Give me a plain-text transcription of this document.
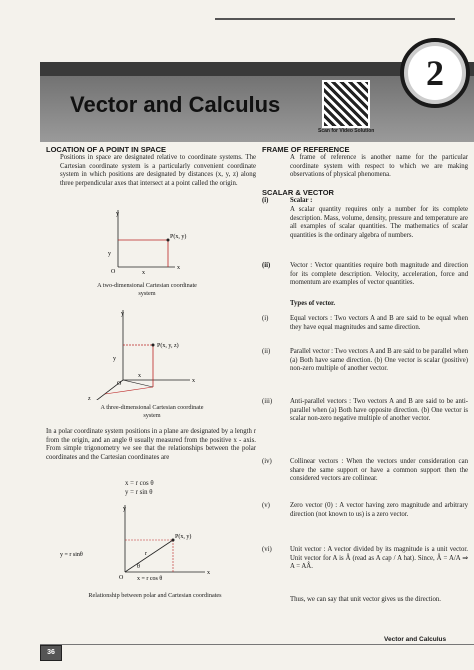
2
Vector and Calculus
Scan for Video Solution
LOCATION OF A POINT IN SPACE
Positions in space are designated relative to coordinate systems. The Cartesian coordinate system is a particularly convenient coordinate system in which positions are designated by distances (x, y, z) along three perpendicular axes that intersect at a point called the origin.
y
x
O
P(x, y)
y
x
A two-dimensional Cartesian coordinate system
y
x
z
P(x, y, z)
O
y
x
A three-dimensional Cartesian coordinate system
In a polar coordinate system positions in a plane are designated by a length r from the origin, and an angle θ usually measured from the positive x - axis. From simple trigonometry we see that the relationships between the polar coordinates and the Cartesian coordinates are
x = r cos θ
y = r sin θ
P(x, y)
y
x
O
y = r sinθ
x = r cos θ
r
θ
Relationship between polar and Cartesian coordinates
FRAME OF REFERENCE
A frame of reference is another name for the particular coordinate system with respect to which we are making observations of physical phenomena.
SCALAR & VECTOR
(i)	Scalar :
A scalar quantity requires only a number for its complete description. Mass, volume, density, pressure and temperature are all examples of scalar quantities. The mathematics of scalar quantities is the ordinary algebra of numbers.
(ii)	Vector : Vector quantities require both magnitude and direction for its complete description. Velocity, acceleration, force and momentum are examples of vector quantities.
Types of vector.
(i)	Equal vectors : Two vectors A and B are said to be equal when they have equal magnitudes and same direction.
(ii)	Parallel vector : Two vectors A and B are said to be parallel when (a) Both have same direction. (b) One vector is scalar (positive) non-zero multiple of another vector.
(iii)	Anti-parallel vectors : Two vectors A and B are said to be anti-parallel when (a) Both have opposite direction. (b) One vector is scalar non-zero negative multiple of another vector.
(iv)	Collinear vectors : When the vectors under consideration can share the same support or have a common support then the considered vectors are collinear.
(v)	Zero vector (0) : A vector having zero magnitude and arbitrary direction (not known to us) is a zero vector.
(vi)	Unit vector : A vector divided by its magnitude is a unit vector. Unit vector for A is Â (read as A cap / A hat). Since, Â = A/A ⇒ A = AÂ.
Thus, we can say that unit vector gives us the direction.
Vector and Calculus
36
